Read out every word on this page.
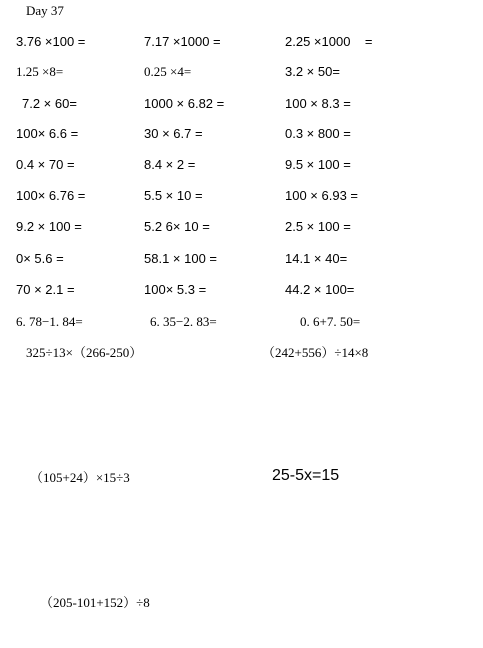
Day 37
3.76 ×100 =	7.17 ×1000 =	2.25 ×1000    =
1.25 ×8=	0.25 ×4=	3.2 × 50=
7.2 × 60=	1000 × 6.82 =	100 × 8.3 =
100× 6.6 =	30 × 6.7 =	0.3 × 800 =
0.4 × 70 =	8.4 × 2 =	9.5 × 100 =
100× 6.76 =	5.5 × 10 =	100 × 6.93 =
9.2 × 100 =	5.2 6× 10 =	2.5 × 100 =
0× 5.6 =	58.1 × 100 =	14.1 × 40=
70 × 2.1 =	100× 5.3 =	44.2 × 100=
6. 78−1. 84=	6. 35−2. 83=	0. 6+7. 50=
325÷13×（266-250）	（242+556）÷14×8
（105+24）×15÷3	25-5x=15
（205-101+152）÷8
